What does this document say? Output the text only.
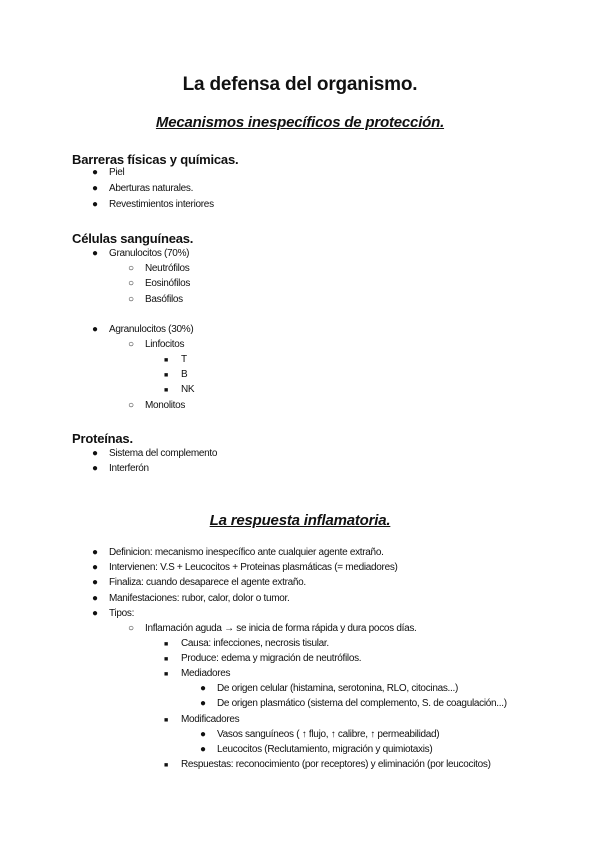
La defensa del organismo.
Mecanismos inespecíficos de protección.
Barreras físicas y químicas.
● Piel
● Aberturas naturales.
● Revestimientos interiores
Células sanguíneas.
● Granulocitos (70%)
○ Neutrófilos
○ Eosinófilos
○ Basófilos
● Agranulocitos (30%)
○ Linfocitos
■ T
■ B
■ NK
○ Monolitos
Proteínas.
● Sistema del complemento
● Interferón
La respuesta inflamatoria.
● Definicion: mecanismo inespecífico ante cualquier agente extraño.
● Intervienen: V.S + Leucocitos + Proteinas plasmáticas (= mediadores)
● Finaliza: cuando desaparece el agente extraño.
● Manifestaciones: rubor, calor, dolor o tumor.
● Tipos:
○ Inflamación aguda → se inicia de forma rápida y dura pocos días.
■ Causa: infecciones, necrosis tisular.
■ Produce: edema y migración de neutrófilos.
■ Mediadores
● De origen celular (histamina, serotonina, RLO, citocinas...)
● De origen plasmático (sistema del complemento, S. de coagulación...)
■ Modificadores
● Vasos sanguíneos ( ↑ flujo, ↑ calibre, ↑ permeabilidad)
● Leucocitos (Reclutamiento, migración y quimiotaxis)
■ Respuestas: reconocimiento (por receptores) y eliminación (por leucocitos)
